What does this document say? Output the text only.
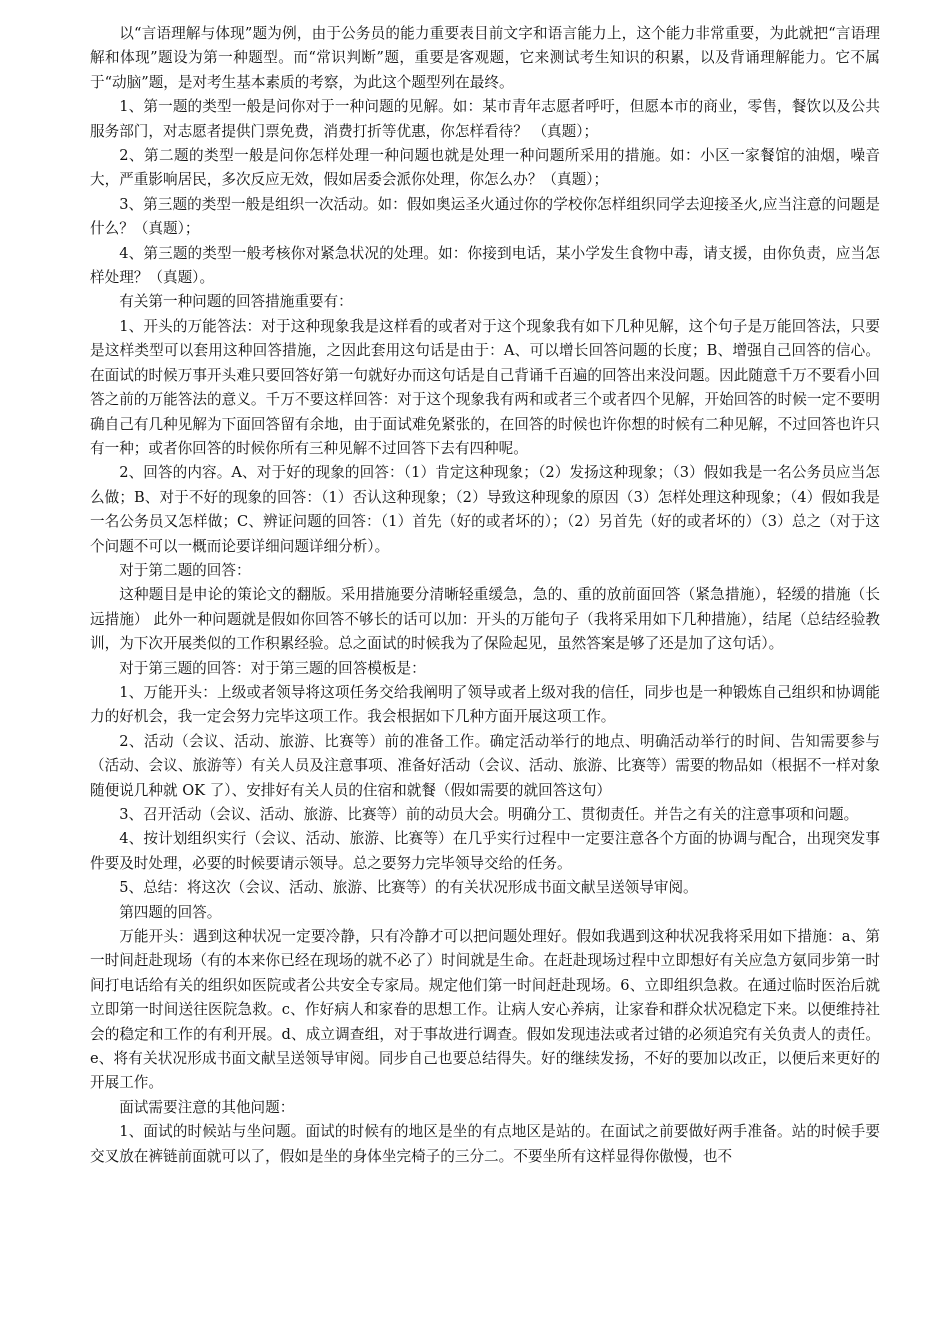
以“言语理解与体现”题为例，由于公务员的能力重要表目前文字和语言能力上，这个能力非常重要，为此就把“言语理解和体现”题设为第一种题型。而“常识判断”题，重要是客观题，它来测试考生知识的积累，以及背诵理解能力。它不属于“动脑”题，是对考生基本素质的考察，为此这个题型列在最终。

1、第一题的类型一般是问你对于一种问题的见解。如：某市青年志愿者呼吁，但愿本市的商业，零售，餐饮以及公共服务部门，对志愿者提供门票免费，消费打折等优惠，你怎样看待？ （真题）；

2、第二题的类型一般是问你怎样处理一种问题也就是处理一种问题所采用的措施。如：小区一家餐馆的油烟，噪音大，严重影响居民，多次反应无效，假如居委会派你处理，你怎么办？（真题）；

3、第三题的类型一般是组织一次活动。如：假如奥运圣火通过你的学校你怎样组织同学去迎接圣火,应当注意的问题是什么？（真题）；

4、第三题的类型一般考核你对紧急状况的处理。如：你接到电话，某小学发生食物中毒，请支援，由你负责，应当怎样处理？（真题）。

有关第一种问题的回答措施重要有：

1、开头的万能答法：对于这种现象我是这样看的或者对于这个现象我有如下几种见解，这个句子是万能回答法，只要是这样类型可以套用这种回答措施，之因此套用这句话是由于：A、可以增长回答问题的长度；B、增强自己回答的信心。在面试的时候万事开头难只要回答好第一句就好办而这句话是自己背诵千百遍的回答出来没问题。因此随意千万不要看小回答之前的万能答法的意义。千万不要这样回答：对于这个现象我有两和或者三个或者四个见解，开始回答的时候一定不要明确自己有几种见解为下面回答留有余地，由于面试难免紧张的，在回答的时候也许你想的时候有二种见解，不过回答也许只有一种；或者你回答的时候你所有三种见解不过回答下去有四种呢。

2、回答的内容。A、对于好的现象的回答：（1）肯定这种现象；（2）发扬这种现象；（3）假如我是一名公务员应当怎么做；B、对于不好的现象的回答：（1）否认这种现象；（2）导致这种现象的原因（3）怎样处理这种现象；（4）假如我是一名公务员又怎样做；C、辨证问题的回答：（1）首先（好的或者坏的）；（2）另首先（好的或者坏的）（3）总之（对于这个问题不可以一概而论要详细问题详细分析）。

对于第二题的回答：

这种题目是申论的策论文的翻版。采用措施要分清晰轻重缓急，急的、重的放前面回答（紧急措施），轻缓的措施（长远措施） 此外一种问题就是假如你回答不够长的话可以加：开头的万能句子（我将采用如下几种措施），结尾（总结经验教训，为下次开展类似的工作积累经验。总之面试的时候我为了保险起见，虽然答案是够了还是加了这句话）。

对于第三题的回答：对于第三题的回答模板是：

1、万能开头：上级或者领导将这项任务交给我阐明了领导或者上级对我的信任，同步也是一种锻炼自己组织和协调能力的好机会，我一定会努力完毕这项工作。我会根据如下几种方面开展这项工作。

2、活动（会议、活动、旅游、比赛等）前的准备工作。确定活动举行的地点、明确活动举行的时间、告知需要参与（活动、会议、旅游等）有关人员及注意事项、准备好活动（会议、活动、旅游、比赛等）需要的物品如（根据不一样对象随便说几种就 OK 了）、安排好有关人员的住宿和就餐（假如需要的就回答这句）

3、召开活动（会议、活动、旅游、比赛等）前的动员大会。明确分工、贯彻责任。并告之有关的注意事项和问题。

4、按计划组织实行（会议、活动、旅游、比赛等）在几乎实行过程中一定要注意各个方面的协调与配合，出现突发事件要及时处理，必要的时候要请示领导。总之要努力完毕领导交给的任务。

5、总结：将这次（会议、活动、旅游、比赛等）的有关状况形成书面文献呈送领导审阅。

第四题的回答。

万能开头：遇到这种状况一定要冷静，只有冷静才可以把问题处理好。假如我遇到这种状况我将采用如下措施：a、第一时间赶赴现场（有的本来你已经在现场的就不必了）时间就是生命。在赶赴现场过程中立即想好有关应急方氨同步第一时间打电话给有关的组织如医院或者公共安全专家局。规定他们第一时间赶赴现场。6、立即组织急救。在通过临时医治后就立即第一时间送往医院急救。c、作好病人和家眷的思想工作。让病人安心养病，让家眷和群众状况稳定下来。以便维持社会的稳定和工作的有利开展。d、成立调查组，对于事故进行调查。假如发现违法或者过错的必须追究有关负责人的责任。e、将有关状况形成书面文献呈送领导审阅。同步自己也要总结得失。好的继续发扬，不好的要加以改正，以便后来更好的开展工作。

面试需要注意的其他问题：

1、面试的时候站与坐问题。面试的时候有的地区是坐的有点地区是站的。在面试之前要做好两手准备。站的时候手要交叉放在裤链前面就可以了，假如是坐的身体坐完椅子的三分二。不要坐所有这样显得你傲慢，也不
